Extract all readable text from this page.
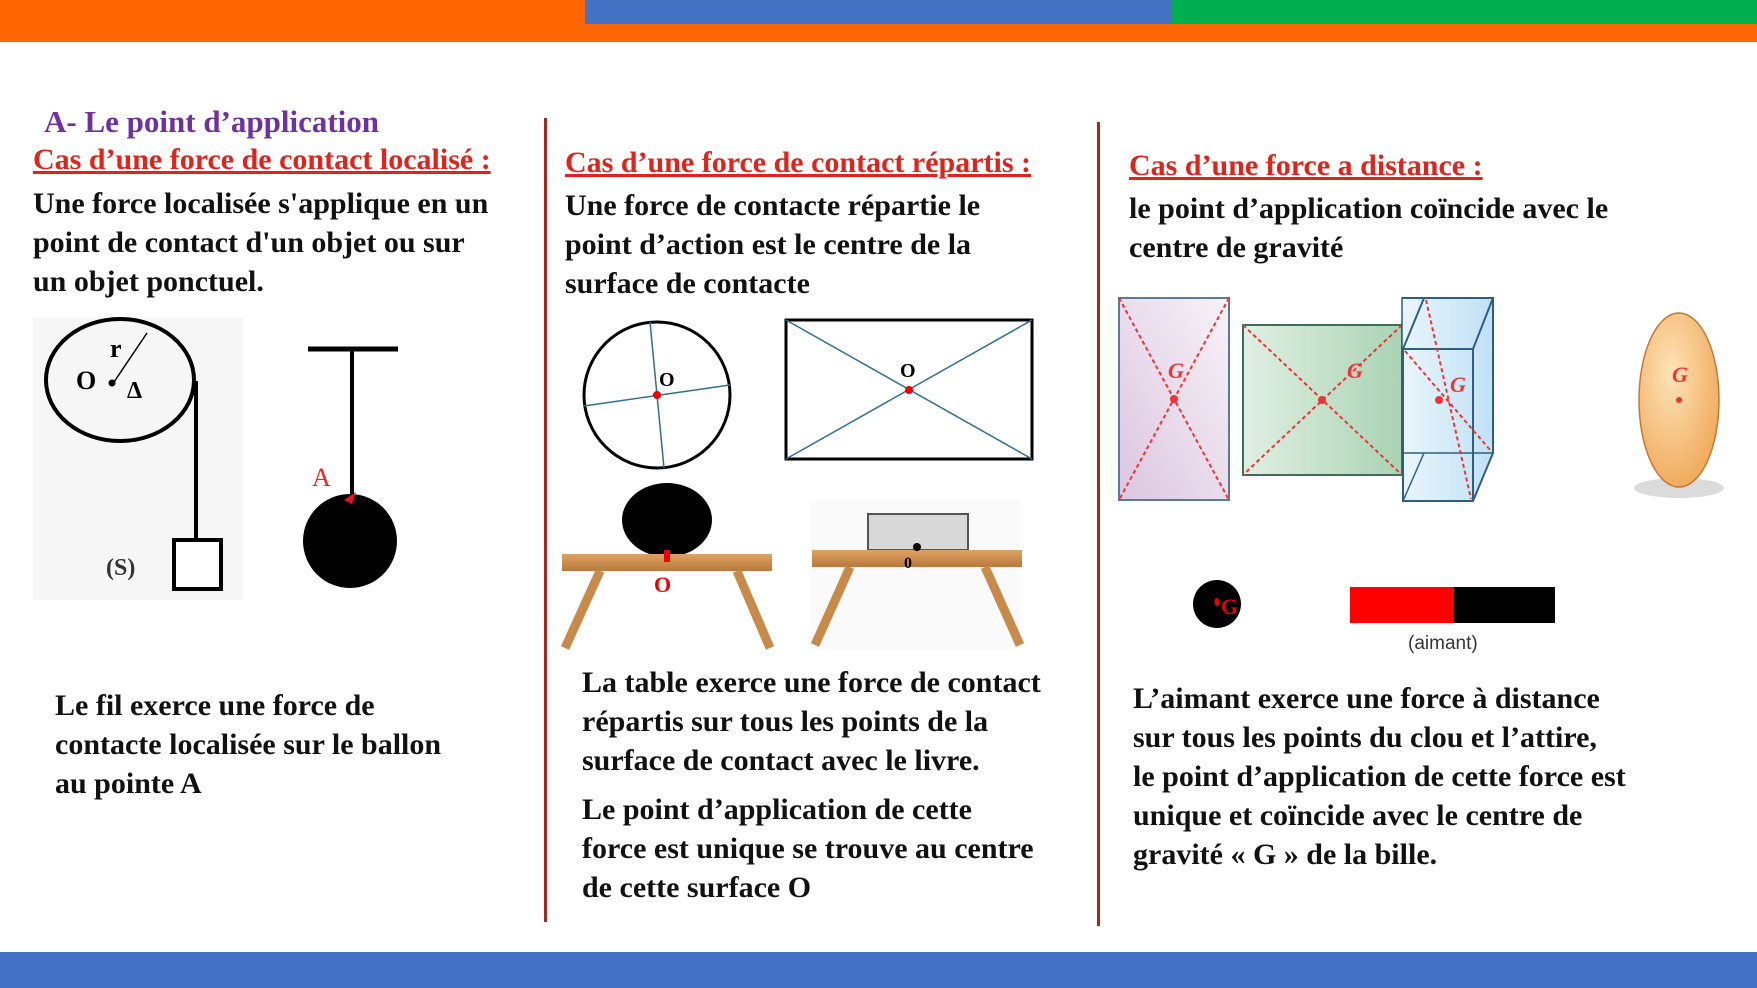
A- Le point d’application
Cas d’une force de contact localisé :
Une force localisée s'applique en un
point de contact d'un objet ou sur
un objet ponctuel.
Le fil exerce une force de
contacte localisée sur le ballon
au pointe A
Cas d’une force de contact répartis :
Une force de contacte répartie le
point d’action est le centre de la
surface de contacte
La table exerce une force de contact
répartis sur tous les points de la
surface de contact avec le livre.
Le point d’application de cette
force est unique se trouve au centre
de cette surface O
Cas d’une force a distance :
le point d’application coïncide avec le
centre de gravité
L’aimant exerce une force à distance
sur tous les points du clou et l’attire,
le point d’application de cette force est
unique et coïncide avec le centre de
gravité « G » de la bille.
r
O Δ
(S)
A
O	O
O
0
G	G
G	G
G
(aimant)
